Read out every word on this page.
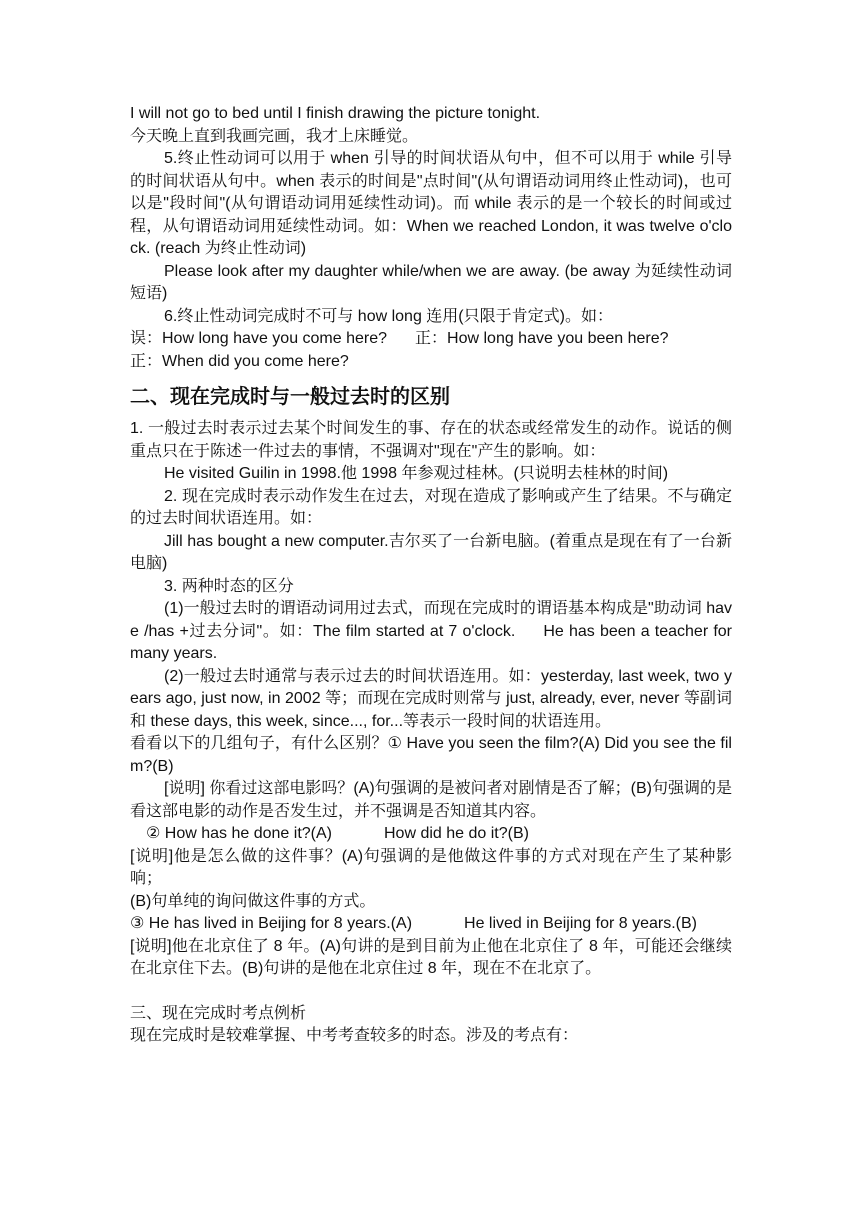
I will not go to bed until I finish drawing the picture tonight.

今天晚上直到我画完画，我才上床睡觉。

5.终止性动词可以用于 when 引导的时间状语从句中，但不可以用于 while 引导的时间状语从句中。when 表示的时间是"点时间"(从句谓语动词用终止性动词)，也可以是"段时间"(从句谓语动词用延续性动词)。而 while 表示的是一个较长的时间或过程，从句谓语动词用延续性动词。如：When we reached London, it was twelve o'clock. (reach 为终止性动词)

Please look after my daughter while/when we are away. (be away 为延续性动词短语)

6.终止性动词完成时不可与 how long 连用(只限于肯定式)。如：

误：How long have you come here? 正：How long have you been here?

正：When did you come here?

二、现在完成时与一般过去时的区别

1. 一般过去时表示过去某个时间发生的事、存在的状态或经常发生的动作。说话的侧重点只在于陈述一件过去的事情，不强调对"现在"产生的影响。如：

He visited Guilin in 1998.他 1998 年参观过桂林。(只说明去桂林的时间)

2. 现在完成时表示动作发生在过去，对现在造成了影响或产生了结果。不与确定的过去时间状语连用。如：

Jill has bought a new computer.吉尔买了一台新电脑。(着重点是现在有了一台新电脑)

3. 两种时态的区分

(1)一般过去时的谓语动词用过去式，而现在完成时的谓语基本构成是"助动词 have /has +过去分词"。如：The film started at 7 o'clock. He has been a teacher for many years.

(2)一般过去时通常与表示过去的时间状语连用。如：yesterday, last week, two years ago, just now, in 2002 等；而现在完成时则常与 just, already, ever, never 等副词和 these days, this week, since..., for...等表示一段时间的状语连用。

看看以下的几组句子，有什么区别？① Have you seen the film?(A) Did you see the film?(B)

[说明] 你看过这部电影吗？(A)句强调的是被问者对剧情是否了解；(B)句强调的是看这部电影的动作是否发生过，并不强调是否知道其内容。

② How has he done it?(A)	How did he do it?(B)

[说明]他是怎么做的这件事？(A)句强调的是他做这件事的方式对现在产生了某种影响；

(B)句单纯的询问做这件事的方式。

③ He has lived in Beijing for 8 years.(A)	He lived in Beijing for 8 years.(B)

[说明]他在北京住了 8 年。(A)句讲的是到目前为止他在北京住了 8 年，可能还会继续在北京住下去。(B)句讲的是他在北京住过 8 年，现在不在北京了。

三、现在完成时考点例析

现在完成时是较难掌握、中考考查较多的时态。涉及的考点有：
